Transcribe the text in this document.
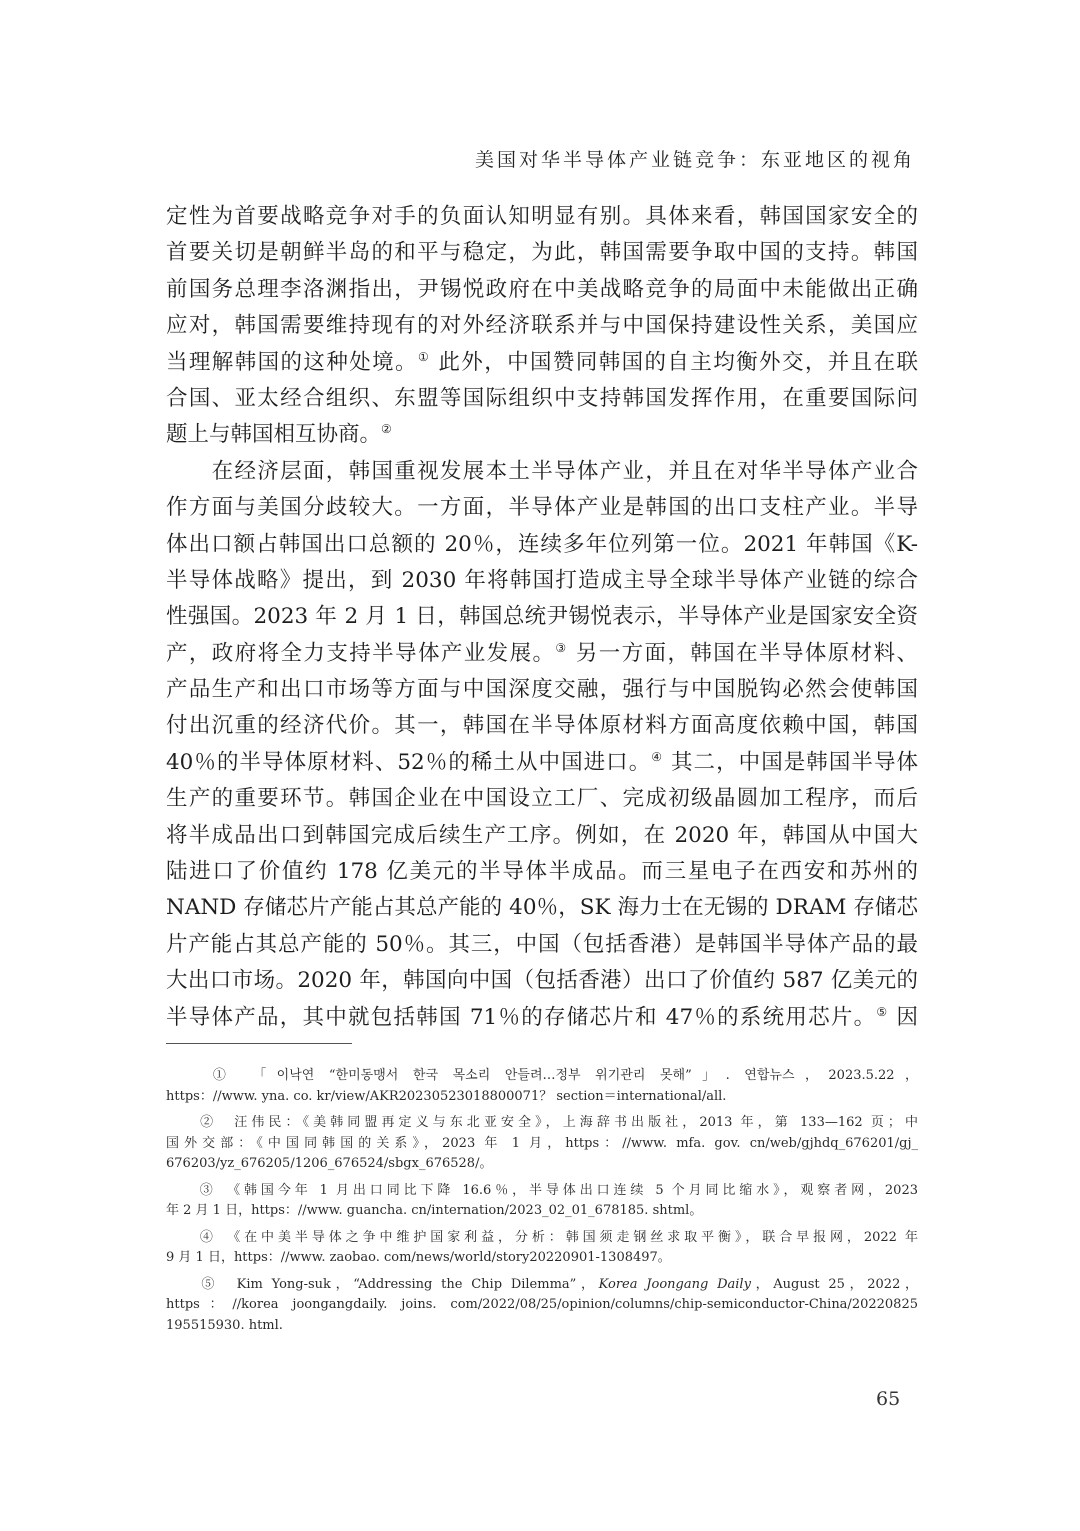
美国对华半导体产业链竞争：东亚地区的视角
定性为首要战略竞争对手的负面认知明显有别。具体来看，韩国国家安全的
首要关切是朝鲜半岛的和平与稳定，为此，韩国需要争取中国的支持。韩国
前国务总理李洛渊指出，尹锡悦政府在中美战略竞争的局面中未能做出正确
应对，韩国需要维持现有的对外经济联系并与中国保持建设性关系，美国应
当理解韩国的这种处境。① 此外，中国赞同韩国的自主均衡外交，并且在联
合国、亚太经合组织、东盟等国际组织中支持韩国发挥作用，在重要国际问
题上与韩国相互协商。②
　　在经济层面，韩国重视发展本土半导体产业，并且在对华半导体产业合
作方面与美国分歧较大。一方面，半导体产业是韩国的出口支柱产业。半导
体出口额占韩国出口总额的 20％，连续多年位列第一位。2021 年韩国《K-
半导体战略》提出，到 2030 年将韩国打造成主导全球半导体产业链的综合
性强国。2023 年 2 月 1 日，韩国总统尹锡悦表示，半导体产业是国家安全资
产，政府将全力支持半导体产业发展。③ 另一方面，韩国在半导体原材料、
产品生产和出口市场等方面与中国深度交融，强行与中国脱钩必然会使韩国
付出沉重的经济代价。其一，韩国在半导体原材料方面高度依赖中国，韩国
40％的半导体原材料、52％的稀土从中国进口。④ 其二，中国是韩国半导体
生产的重要环节。韩国企业在中国设立工厂、完成初级晶圆加工程序，而后
将半成品出口到韩国完成后续生产工序。例如，在 2020 年，韩国从中国大
陆进口了价值约 178 亿美元的半导体半成品。而三星电子在西安和苏州的
NAND 存储芯片产能占其总产能的 40％，SK 海力士在无锡的 DRAM 存储芯
片产能占其总产能的 50％。其三，中国（包括香港）是韩国半导体产品的最
大出口市场。2020 年，韩国向中国（包括香港）出口了价值约 587 亿美元的
半导体产品，其中就包括韩国 71％的存储芯片和 47％的系统用芯片。⑤ 因
　　①　「이낙연 “한미동맹서 한국 목소리 안들려…정부 위기관리 못해”」. 연합뉴스，2023.5.22，
https：//www. yna. co. kr/view/AKR20230523018800071？ section＝international/all.
　　②　汪伟民：《美韩同盟再定义与东北亚安全》，上海辞书出版社，2013 年，第 133—162 页；中
国外交部：《中国同韩国的关系》，2023 年 1 月，https：//www. mfa. gov. cn/web/gjhdq_676201/gj_
676203/yz_676205/1206_676524/sbgx_676528/。
　　③　《韩国今年 1 月出口同比下降 16.6％，半导体出口连续 5 个月同比缩水》，观察者网，2023
年 2 月 1 日，https：//www. guancha. cn/internation/2023_02_01_678185. shtml。
　　④　《在中美半导体之争中维护国家利益，分析：韩国须走钢丝求取平衡》，联合早报网，2022 年
9 月 1 日，https：//www. zaobao. com/news/world/story20220901-1308497。
　　⑤　Kim Yong-suk，“Addressing the Chip Dilemma”，Korea Joongang Daily，August 25，2022，
https：//korea joongangdaily. joins. com/2022/08/25/opinion/columns/chip-semiconductor-China/20220825
195515930. html.
65
